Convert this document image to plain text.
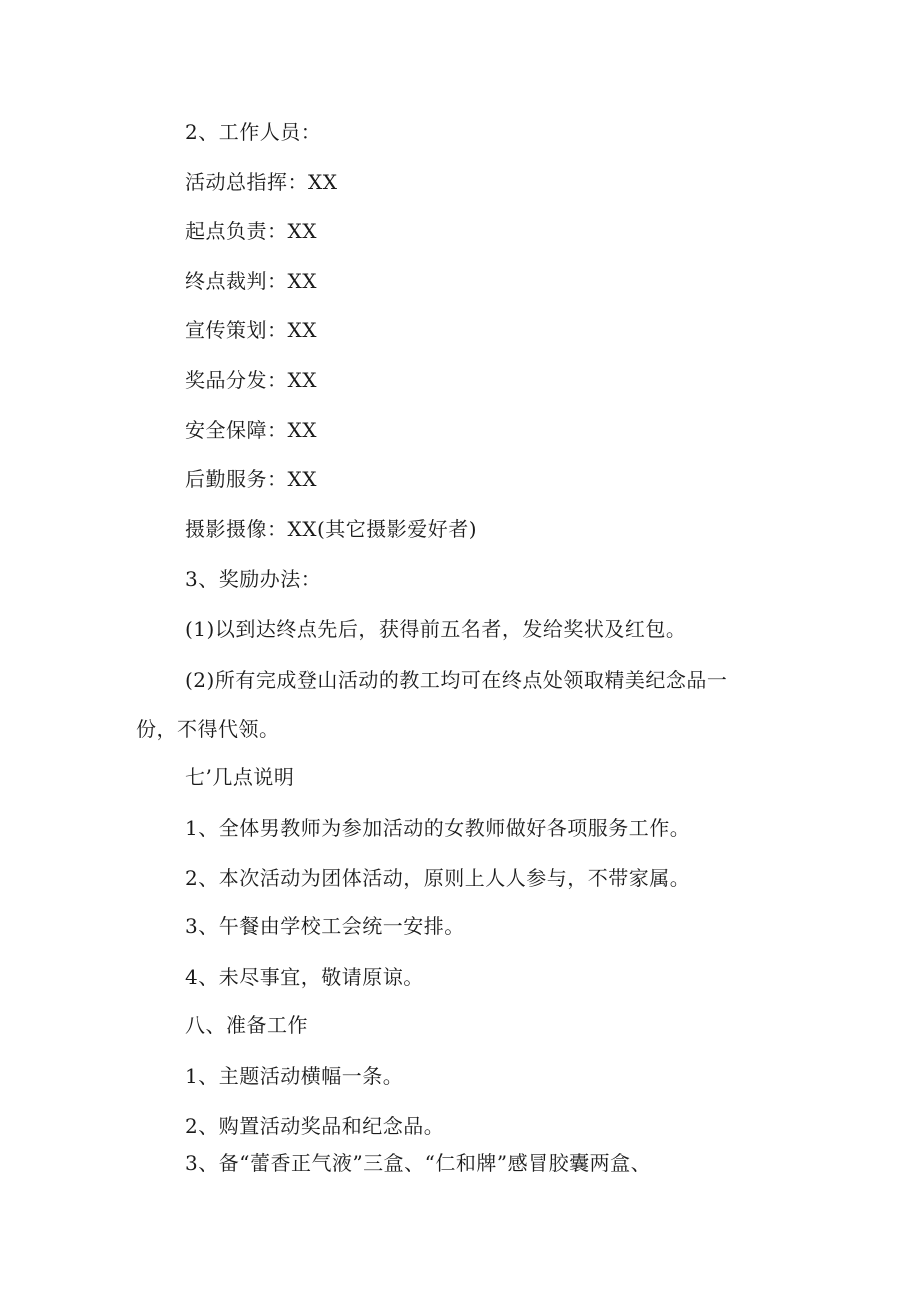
2、工作人员：
活动总指挥：XX
起点负责：XX
终点裁判：XX
宣传策划：XX
奖品分发：XX
安全保障：XX
后勤服务：XX
摄影摄像：XX(其它摄影爱好者)
3、奖励办法：
(1)以到达终点先后，获得前五名者，发给奖状及红包。
(2)所有完成登山活动的教工均可在终点处领取精美纪念品一
份，不得代领。
七’几点说明
1、全体男教师为参加活动的女教师做好各项服务工作。
2、本次活动为团体活动，原则上人人参与，不带家属。
3、午餐由学校工会统一安排。
4、未尽事宜，敬请原谅。
八、准备工作
1、主题活动横幅一条。
2、购置活动奖品和纪念品。
3、备“蕾香正气液”三盒、“仁和牌”感冒胶囊两盒、
